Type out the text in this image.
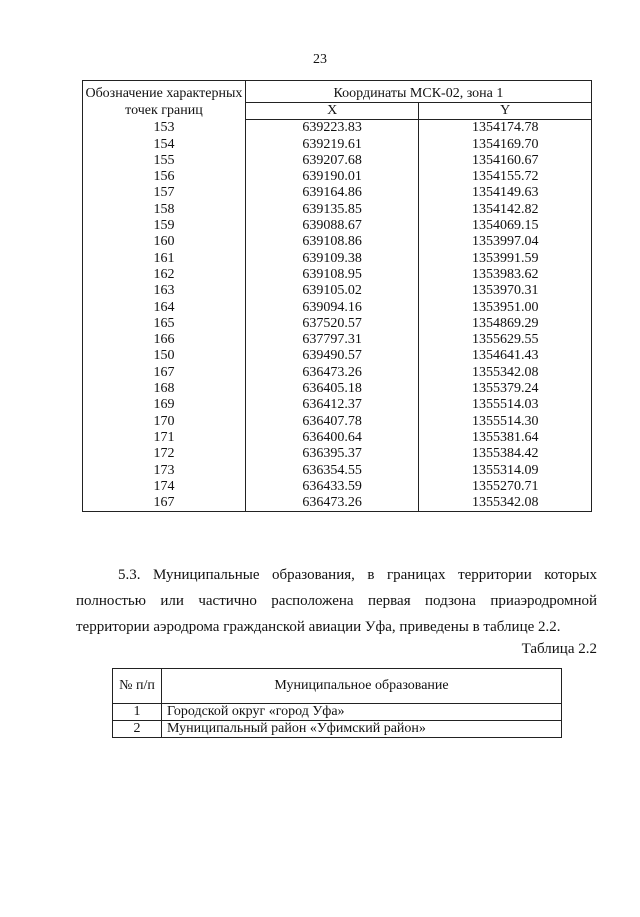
23
Обозначение характерных точек границ	Координаты МСК-02, зона 1	
	X	Y
153	639223.83	1354174.78
154	639219.61	1354169.70
155	639207.68	1354160.67
156	639190.01	1354155.72
157	639164.86	1354149.63
158	639135.85	1354142.82
159	639088.67	1354069.15
160	639108.86	1353997.04
161	639109.38	1353991.59
162	639108.95	1353983.62
163	639105.02	1353970.31
164	639094.16	1353951.00
165	637520.57	1354869.29
166	637797.31	1355629.55
150	639490.57	1354641.43
167	636473.26	1355342.08
168	636405.18	1355379.24
169	636412.37	1355514.03
170	636407.78	1355514.30
171	636400.64	1355381.64
172	636395.37	1355384.42
173	636354.55	1355314.09
174	636433.59	1355270.71
167	636473.26	1355342.08
5.3. Муниципальные образования, в границах территории которых полностью или частично расположена первая подзона приаэродромной территории аэродрома гражданской авиации Уфа, приведены в таблице 2.2.
Таблица 2.2
№ п/п	Муниципальное образование
1	Городской округ «город Уфа»
2	Муниципальный район «Уфимский район»
